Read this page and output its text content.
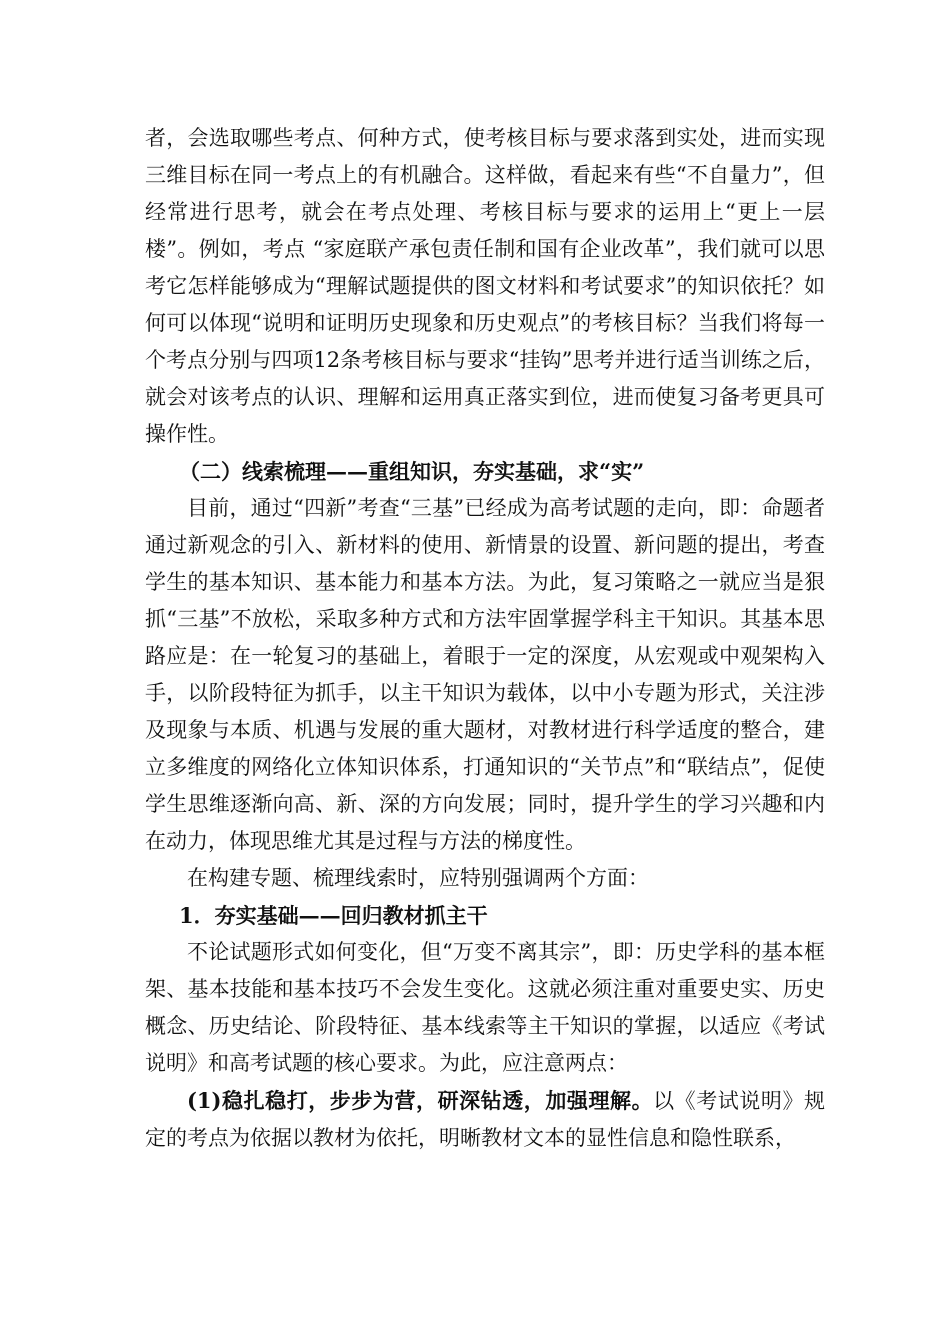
者，会选取哪些考点、何种方式，使考核目标与要求落到实处，进而实现三维目标在同一考点上的有机融合。这样做，看起来有些“不自量力”，但经常进行思考，就会在考点处理、考核目标与要求的运用上“更上一层楼”。例如，考点 “家庭联产承包责任制和国有企业改革”，我们就可以思考它怎样能够成为“理解试题提供的图文材料和考试要求”的知识依托？如何可以体现“说明和证明历史现象和历史观点”的考核目标？当我们将每一个考点分别与四项12条考核目标与要求“挂钩”思考并进行适当训练之后，就会对该考点的认识、理解和运用真正落实到位，进而使复习备考更具可操作性。

（二）线索梳理——重组知识，夯实基础，求“实”

目前，通过“四新”考查“三基”已经成为高考试题的走向，即：命题者通过新观念的引入、新材料的使用、新情景的设置、新问题的提出，考查学生的基本知识、基本能力和基本方法。为此，复习策略之一就应当是狠抓“三基”不放松，采取多种方式和方法牢固掌握学科主干知识。其基本思路应是：在一轮复习的基础上，着眼于一定的深度，从宏观或中观架构入手，以阶段特征为抓手，以主干知识为载体，以中小专题为形式，关注涉及现象与本质、机遇与发展的重大题材，对教材进行科学适度的整合，建立多维度的网络化立体知识体系，打通知识的“关节点”和“联结点”，促使学生思维逐渐向高、新、深的方向发展；同时，提升学生的学习兴趣和内在动力，体现思维尤其是过程与方法的梯度性。

在构建专题、梳理线索时，应特别强调两个方面：

1．夯实基础——回归教材抓主干

不论试题形式如何变化，但“万变不离其宗”，即：历史学科的基本框架、基本技能和基本技巧不会发生变化。这就必须注重对重要史实、历史概念、历史结论、阶段特征、基本线索等主干知识的掌握，以适应《考试说明》和高考试题的核心要求。为此，应注意两点：

(1)稳扎稳打，步步为营，研深钻透，加强理解。以《考试说明》规定的考点为依据以教材为依托，明晰教材文本的显性信息和隐性联系，
